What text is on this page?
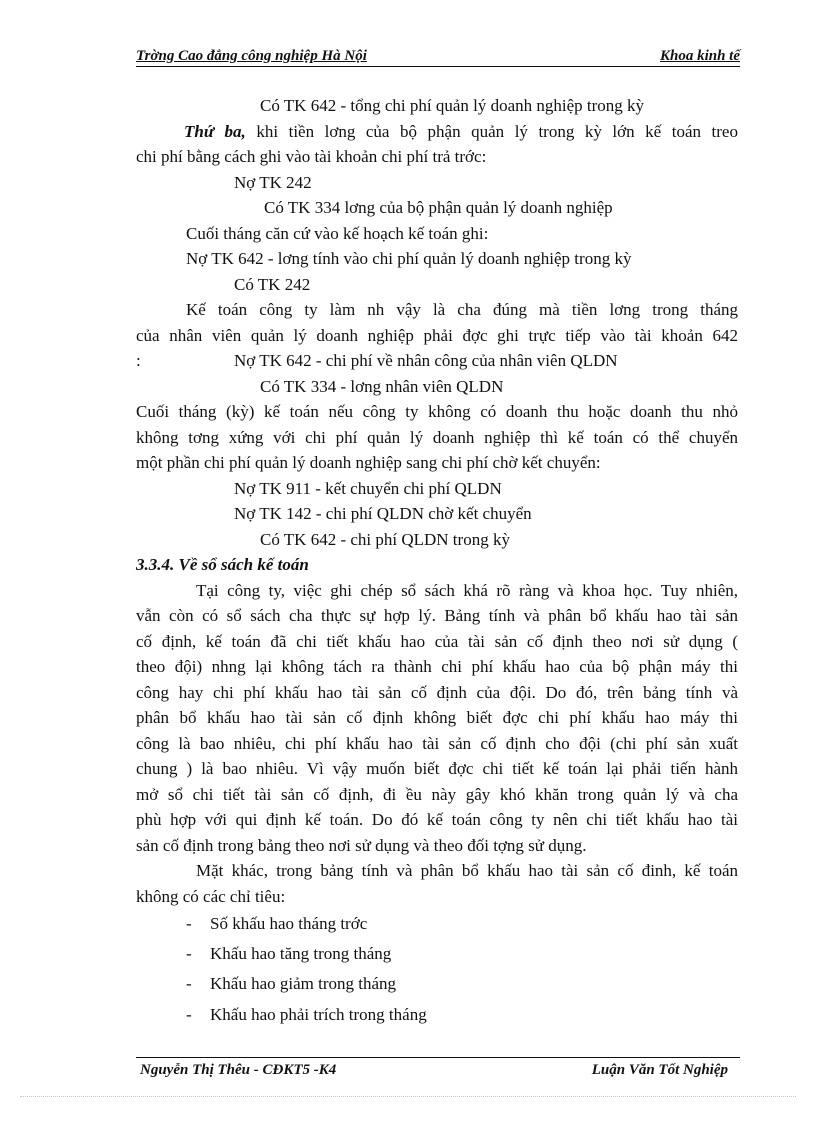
Trờng Cao đẳng công nghiệp Hà Nội	Khoa kinh tế
Có TK 642 - tổng chi phí quản lý doanh nghiệp trong kỳ
Thứ ba, khi tiền lơng của bộ phận quản lý trong kỳ lớn kế toán treo
chi phí bằng cách ghi vào tài khoản chi phí trả trớc:
Nợ TK 242
Có TK 334 lơng của bộ phận quản lý doanh nghiệp
Cuối tháng căn cứ vào kế hoạch kế toán ghi:
Nợ TK 642 - lơng tính vào chi phí quản lý doanh nghiệp trong kỳ
Có TK 242
Kế toán công ty làm nh vậy là cha đúng mà tiền lơng trong tháng
của nhân viên quản lý doanh nghiệp phải đợc ghi trực tiếp vào tài khoản 642
:	Nợ TK 642 - chi phí về nhân công của nhân viên QLDN
Có TK 334 - lơng nhân viên QLDN
Cuối tháng (kỳ) kế toán nếu công ty không có doanh thu hoặc doanh thu nhỏ
không tơng xứng với chi phí quản lý doanh nghiệp thì kế toán có thể chuyển
một phần chi phí quản lý doanh nghiệp sang chi phí chờ kết chuyển:
Nợ TK 911 - kết chuyển chi phí QLDN
Nợ TK 142 - chi phí QLDN chờ kết chuyển
Có TK 642 - chi phí QLDN trong kỳ
3.3.4. Về sổ sách kế toán
Tại công ty, việc ghi chép sổ sách khá rõ ràng và khoa học. Tuy nhiên,
vẫn còn có sổ sách cha thực sự hợp lý. Bảng tính và phân bổ khấu hao tài sản
cố định, kế toán đã chi tiết khấu hao của tài sản cố định theo nơi sử dụng (
theo đội) nhng lại không tách ra thành chi phí khấu hao của bộ phận máy thi
công hay chi phí khấu hao tài sản cố định của đội. Do đó, trên bảng tính và
phân bổ khấu hao tài sản cố định không biết đợc chi phí khấu hao máy thi
công là bao nhiêu, chi phí khấu hao tài sản cố định cho đội (chi phí sản xuất
chung ) là bao nhiêu. Vì vậy muốn biết đợc chi tiết kế toán lại phải tiến hành
mở sổ chi tiết tài sản cố định, đi ều này gây khó khăn trong quản lý và cha
phù hợp với qui định kế toán. Do đó kế toán công ty nên chi tiết khấu hao tài
sản cố định trong bảng theo nơi sử dụng và theo đối tợng sử dụng.
Mặt khác, trong bảng tính và phân bổ khấu hao tài sản cố đinh, kế toán
không có các chỉ tiêu:
- Số khấu hao tháng trớc
- Khấu hao tăng trong tháng
- Khấu hao giảm trong tháng
- Khấu hao phải trích trong tháng
Nguyễn Thị Thêu - CĐKT5 -K4	Luận Văn Tốt Nghiệp
